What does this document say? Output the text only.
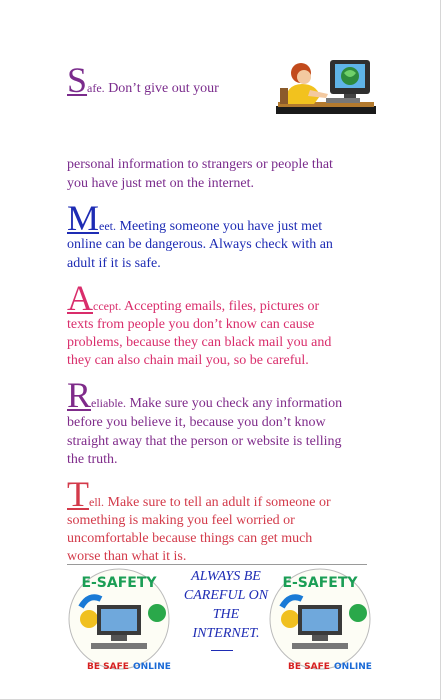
Safe. Don’t give out your
personal information to strangers or people that
you have just met on the internet.
Meet. Meeting someone you have just met
online can be dangerous. Always check with an
adult if it is safe.
Accept. Accepting emails, files, pictures or
texts from people you don’t know can cause
problems, because they can black mail you and
they can also chain mail you, so be careful.
Reliable. Make sure you check any information
before you believe it, because you don’t know
straight away that the person or website is telling
the truth.
Tell. Make sure to tell an adult if someone or
something is making you feel worried or
uncomfortable because things can get much
worse than what it is.
E-SAFETY
BE SAFE ONLINE
ALWAYS BE
CAREFUL ON
THE
INTERNET.
E-SAFETY
BE SAFE ONLINE
